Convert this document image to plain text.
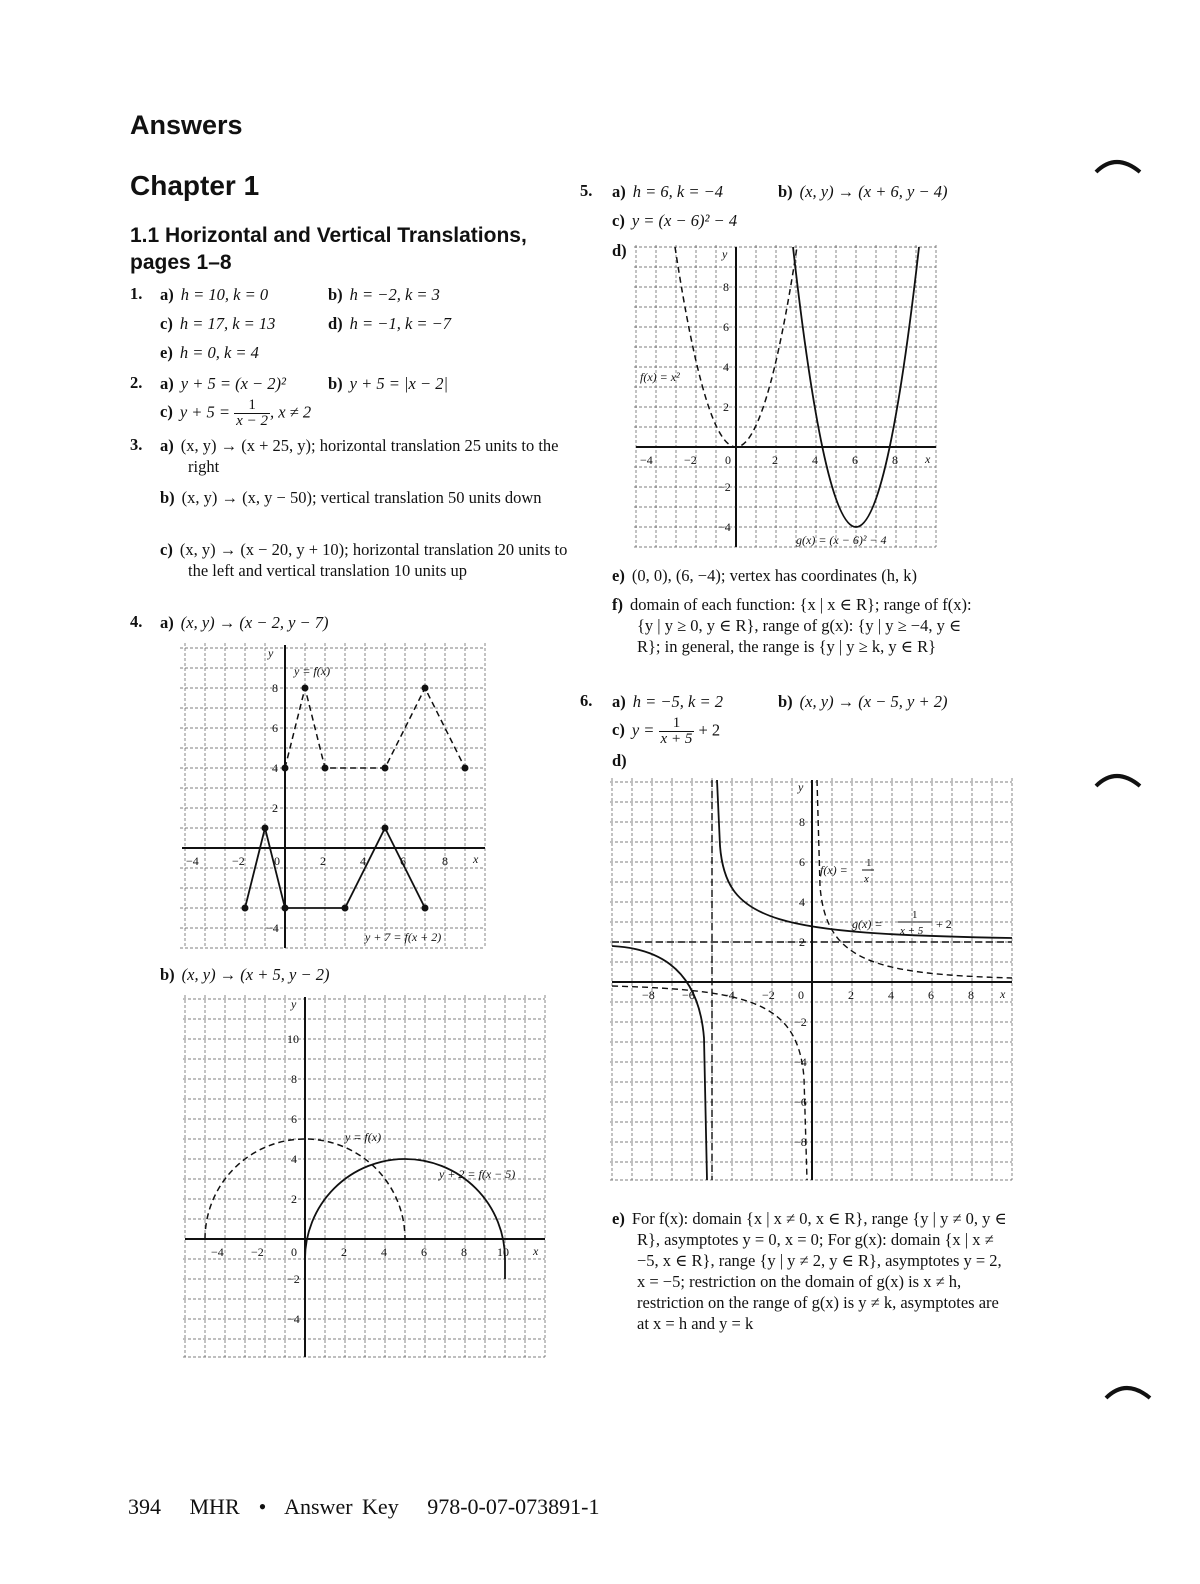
Answers
Chapter 1
1.1 Horizontal and Vertical Translations, pages 1–8
1. a) h = 10, k = 0	b) h = −2, k = 3
c) h = 17, k = 13	d) h = −1, k = −7
e) h = 0, k = 4
2. a) y + 5 = (x − 2)²	b) y + 5 = |x − 2|
c) $y + 5 = \frac{1}{x - 2}$ , x ≠ 2
3. a) (x, y) → (x + 25, y); horizontal translation 25 units to the right
b) (x, y) → (x, y − 50); vertical translation 50 units down
c) (x, y) → (x − 20, y + 10); horizontal translation 20 units to the left and vertical translation 10 units up
4. a) (x, y) → (x − 2, y − 7)
y
x
−4	−2 0	2	4	6	8
8
6
4
2
−4
y = f(x)
y + 7 = f(x + 2)
b) (x, y) → (x + 5, y − 2)
y
x
−4 −2 0	2	4	6	8	10
10
8
6
4
2
−2
−4
y = f(x)
y + 2 = f(x − 5)
5. a) h = 6, k = −4	b) (x, y) → (x + 6, y − 4)
c) y = (x − 6)² − 4
d)	y
x
−4	−2 0	2	4	6	8
8
6
4
2
−2
−4
f(x) = x²
g(x) = (x − 6)² − 4
e) (0, 0), (6, −4); vertex has coordinates (h, k)
f) domain of each function: {x | x ∈ R}; range of f(x): {y | y ≥ 0, y ∈ R}, range of g(x): {y | y ≥ −4, y ∈ R}; in general, the range is {y | y ≥ k, y ∈ R}
6. a) h = −5, k = 2	b) (x, y) → (x − 5, y + 2)
c) $y = \frac{1}{x + 5} + 2$
d)
y
x
−8 −6 −4 −2 0	2	4	6	8
8
6
4
2
−2
−4
−6
−8
f(x) = 1
x
g(x) =
1
x + 5 + 2
e) For f(x): domain {x | x ≠ 0, x ∈ R}, range {y | y ≠ 0, y ∈ R}, asymptotes y = 0, x = 0; For g(x): domain {x | x ≠ −5, x ∈ R}, range {y | y ≠ 2, y ∈ R}, asymptotes y = 2, x = −5; restriction on the domain of g(x) is x ≠ h, restriction on the range of g(x) is y ≠ k, asymptotes are at x = h and y = k
394   MHR  •  Answer Key   978-0-07-073891-1
